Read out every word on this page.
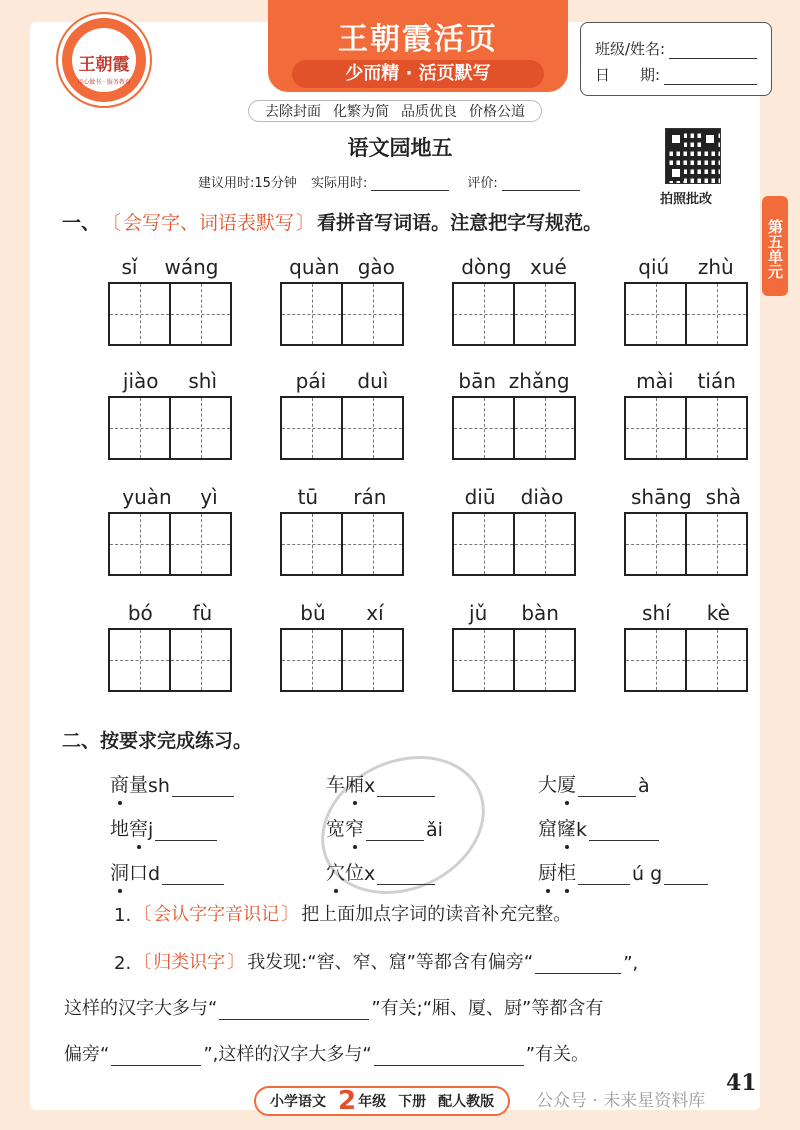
王朝霞
用心做书 · 服务教育
王朝霞活页
少而精 · 活页默写
班级/姓名:
日　　期:
去除封面 化繁为简 品质优良 价格公道
语文园地五
建议用时:15分钟 实际用时:	评价:
拍照批改
第五单元
一、 〔 会写字、词语表默写 〕 看拼音写词语。注意把字写规范。
sǐ wáng	quàn gào	dòng xué	qiú zhù
jiào shì	pái duì	bān zhǎng	mài tián
yuàn yì	tū rán	diū diào	shāng shà
bó fù	bǔ xí	jǔ bàn	shí kè
二、按要求完成练习。
商 量 sh	车 厢 x	大 厦	à
地 窖 j	宽 窄	ǎi	窟 窿 k
洞 口 d	穴 位 x	厨 柜	ú g
1. 〔 会认字字音识记 〕 把上面加点字词的读音补充完整。
2. 〔 归类识字 〕 我发现:“窖、窄、窟”等都含有偏旁“	”,
这样的汉字大多与“	”有关;“厢、厦、厨”等都含有
偏旁“	”,这样的汉字大多与“	”有关。
41
小学语文 2 年级 下册 配人教版 公众号 · 未来星资料库
